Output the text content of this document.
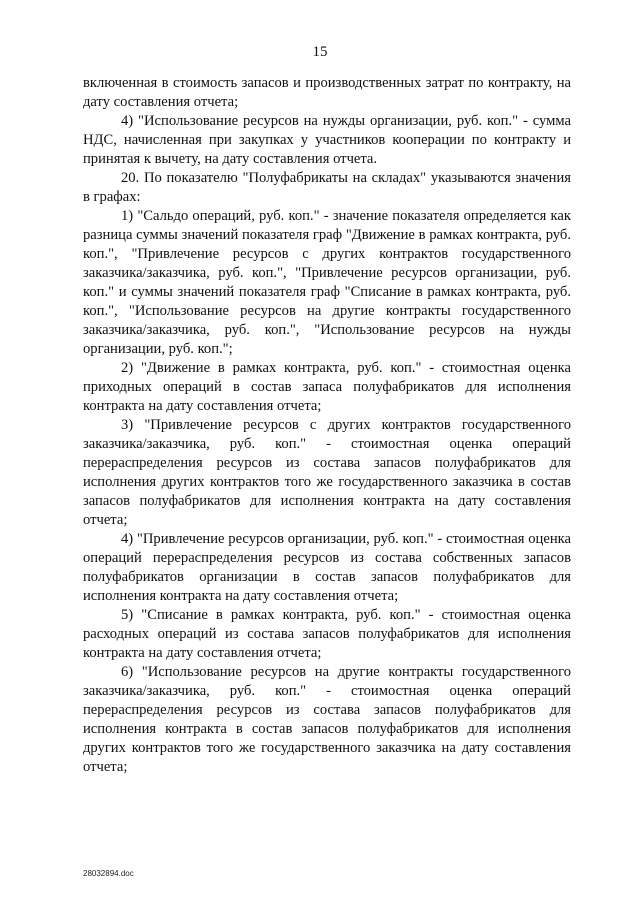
15

включенная в стоимость запасов и производственных затрат по контракту, на дату составления отчета;

4) "Использование ресурсов на нужды организации, руб. коп." - сумма НДС, начисленная при закупках у участников кооперации по контракту и принятая к вычету, на дату составления отчета.

20. По показателю "Полуфабрикаты на складах" указываются значения в графах:

1) "Сальдо операций, руб. коп." - значение показателя определяется как разница суммы значений показателя граф "Движение в рамках контракта, руб. коп.", "Привлечение ресурсов с других контрактов государственного заказчика/заказчика, руб. коп.", "Привлечение ресурсов организации, руб. коп." и суммы значений показателя граф "Списание в рамках контракта, руб. коп.", "Использование ресурсов на другие контракты государственного заказчика/заказчика, руб. коп.", "Использование ресурсов на нужды организации, руб. коп.";

2) "Движение в рамках контракта, руб. коп." - стоимостная оценка приходных операций в состав запаса полуфабрикатов для исполнения контракта на дату составления отчета;

3) "Привлечение ресурсов с других контрактов государственного заказчика/заказчика, руб. коп." - стоимостная оценка операций перераспределения ресурсов из состава запасов полуфабрикатов для исполнения других контрактов того же государственного заказчика в состав запасов полуфабрикатов для исполнения контракта на дату составления отчета;

4) "Привлечение ресурсов организации, руб. коп." - стоимостная оценка операций перераспределения ресурсов из состава собственных запасов полуфабрикатов организации в состав запасов полуфабрикатов для исполнения контракта на дату составления отчета;

5) "Списание в рамках контракта, руб. коп." - стоимостная оценка расходных операций из состава запасов полуфабрикатов для исполнения контракта на дату составления отчета;

6) "Использование ресурсов на другие контракты государственного заказчика/заказчика, руб. коп." - стоимостная оценка операций перераспределения ресурсов из состава запасов полуфабрикатов для исполнения контракта в состав запасов полуфабрикатов для исполнения других контрактов того же государственного заказчика на дату составления отчета;

28032894.doc
